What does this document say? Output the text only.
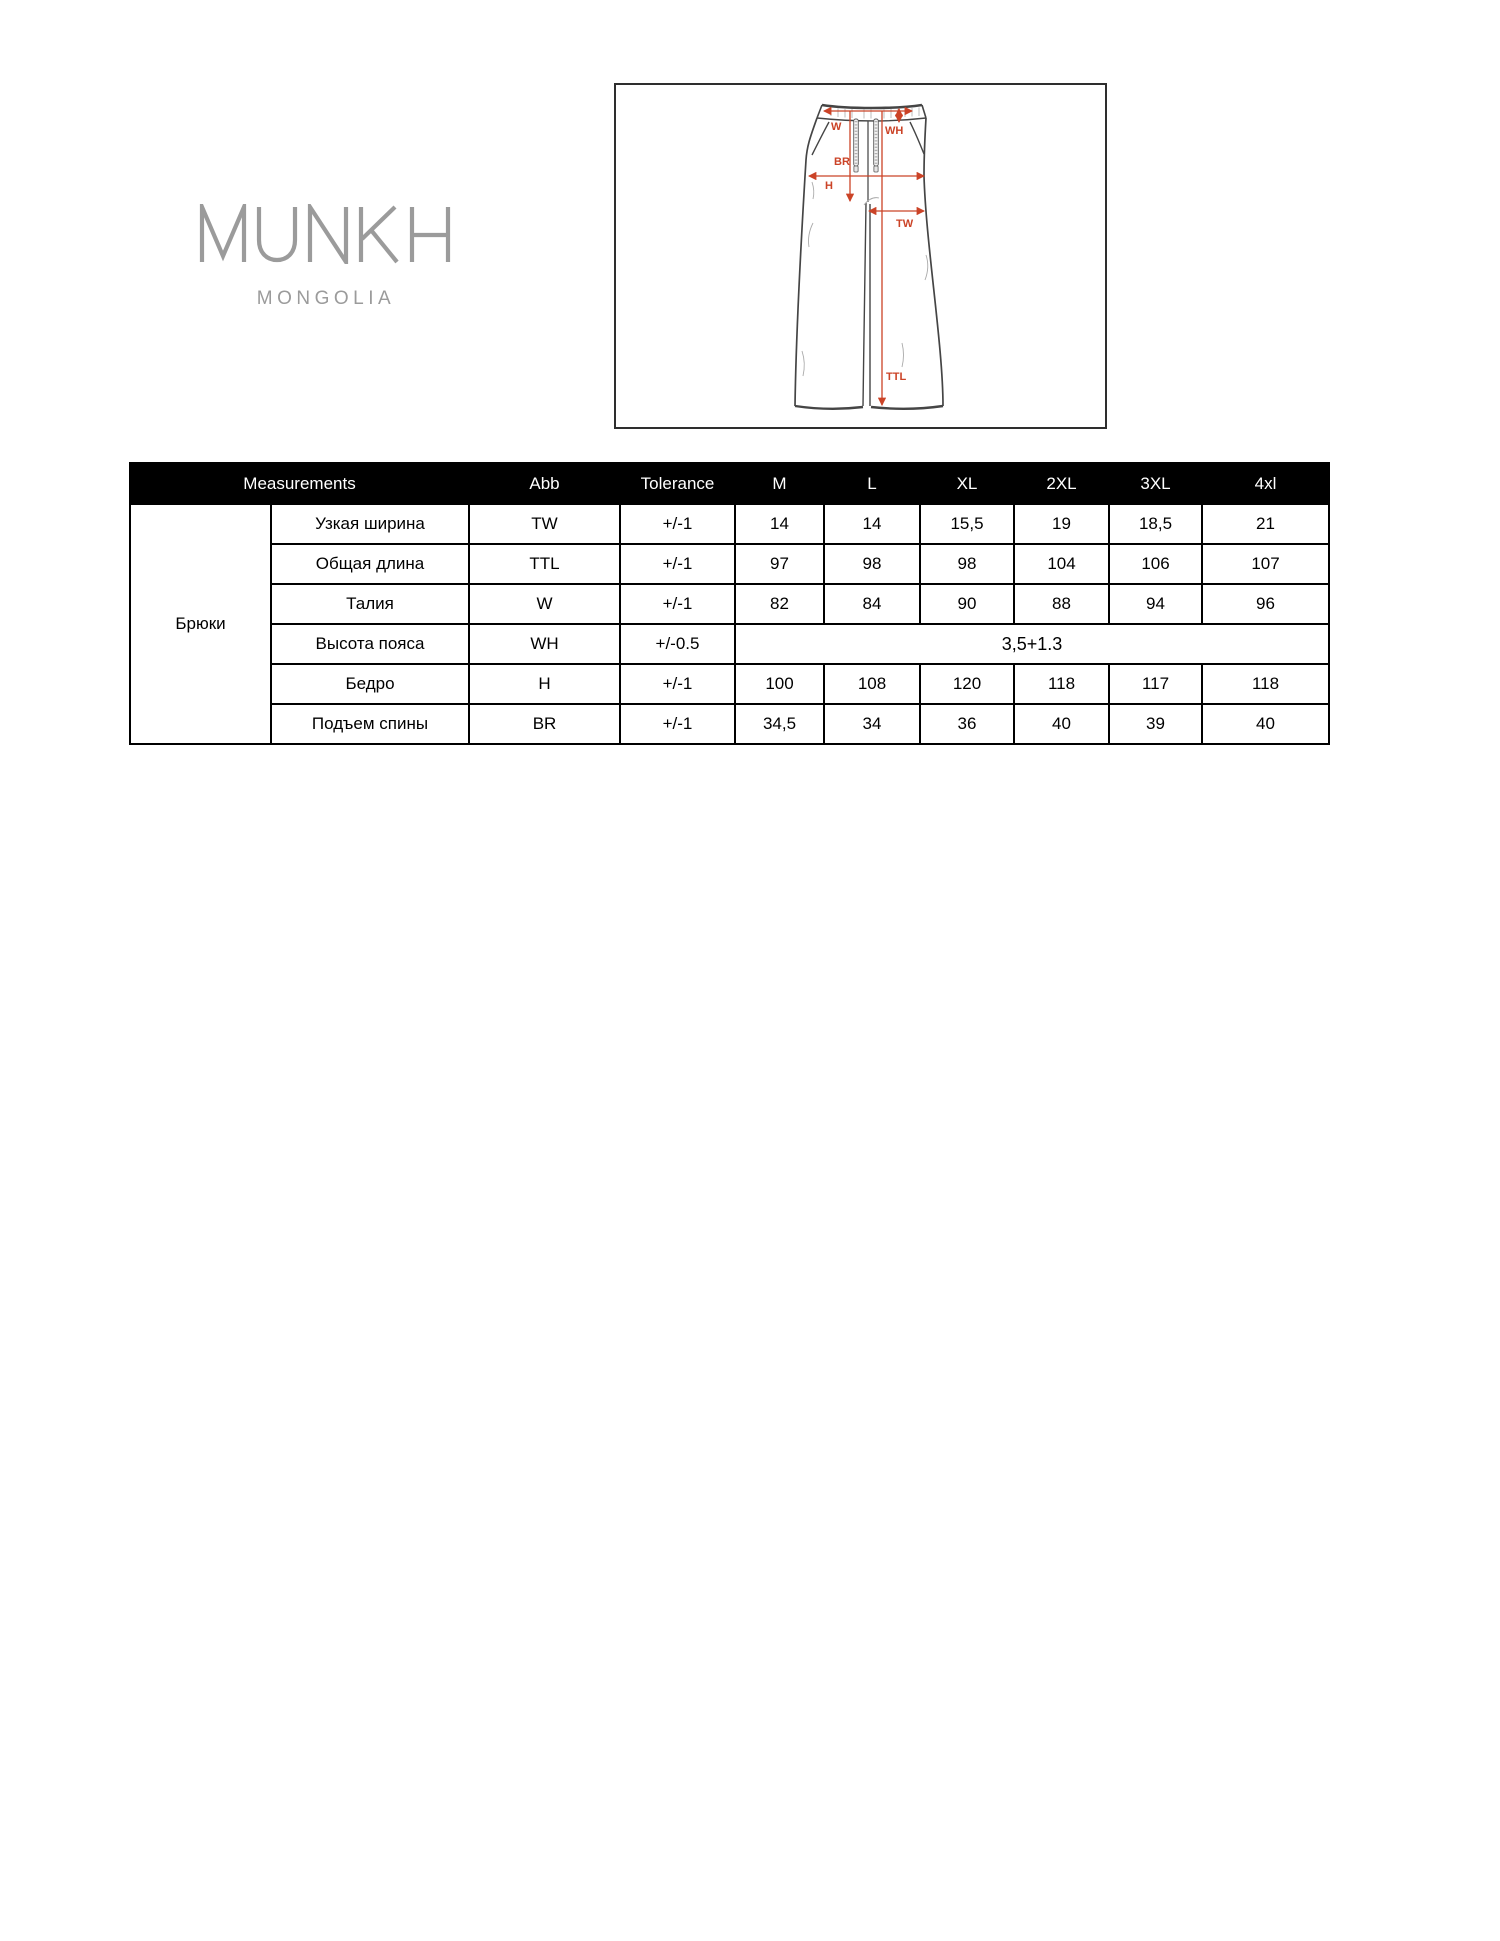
MONGOLIA
W	WH
BR
H
TW
TTL
Measurements		Abb	Tolerance	M	L	XL	2XL	3XL	4xl
Брюки	Узкая ширина	TW	+/-1	14	14	15,5	19	18,5	21
	Общая длина	TTL	+/-1	97	98	98	104	106	107
	Талия	W	+/-1	82	84	90	88	94	96
	Высота пояса	WH	+/-0.5	3,5+1.3					
	Бедро	H	+/-1	100	108	120	118	117	118
	Подъем спины	BR	+/-1	34,5	34	36	40	39	40
